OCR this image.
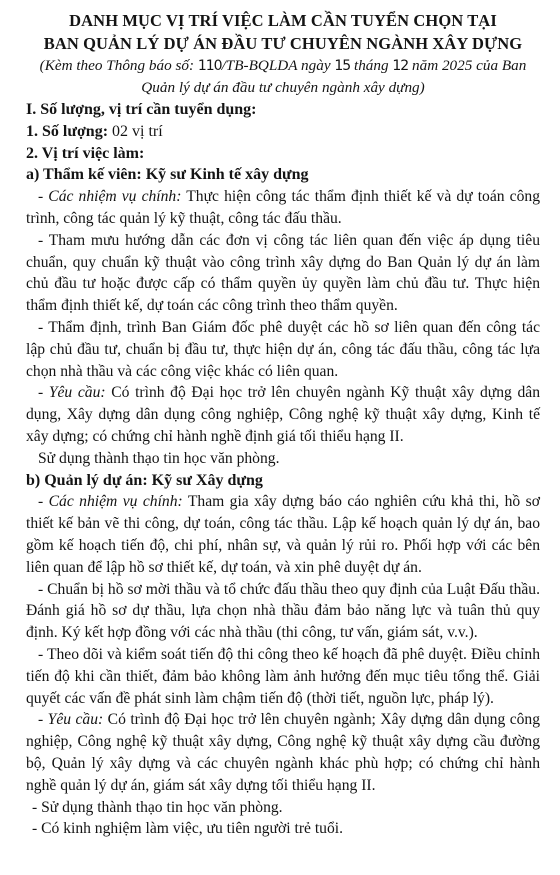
DANH MỤC VỊ TRÍ VIỆC LÀM CẦN TUYỂN CHỌN TẠI
BAN QUẢN LÝ DỰ ÁN ĐẦU TƯ CHUYÊN NGÀNH XÂY DỰNG
(Kèm theo Thông báo số: 110/TB-BQLDA ngày 15 tháng 12 năm 2025 của Ban
Quản lý dự án đầu tư chuyên ngành xây dựng)
I. Số lượng, vị trí cần tuyển dụng:
1. Số lượng: 02 vị trí
2. Vị trí việc làm:
a) Thẩm kế viên: Kỹ sư Kinh tế xây dựng
- Các nhiệm vụ chính: Thực hiện công tác thẩm định thiết kế và dự toán công trình, công tác quản lý kỹ thuật, công tác đấu thầu.
- Tham mưu hướng dẫn các đơn vị công tác liên quan đến việc áp dụng tiêu chuẩn, quy chuẩn kỹ thuật vào công trình xây dựng do Ban Quản lý dự án làm chủ đầu tư hoặc được cấp có thẩm quyền ủy quyền làm chủ đầu tư. Thực hiện thẩm định thiết kế, dự toán các công trình theo thẩm quyền.
- Thẩm định, trình Ban Giám đốc phê duyệt các hồ sơ liên quan đến công tác lập chủ đầu tư, chuẩn bị đầu tư, thực hiện dự án, công tác đấu thầu, công tác lựa chọn nhà thầu và các công việc khác có liên quan.
- Yêu cầu: Có trình độ Đại học trở lên chuyên ngành Kỹ thuật xây dựng dân dụng, Xây dựng dân dụng công nghiệp, Công nghệ kỹ thuật xây dựng, Kinh tế xây dựng; có chứng chỉ hành nghề định giá tối thiểu hạng II.
Sử dụng thành thạo tin học văn phòng.
b) Quản lý dự án: Kỹ sư Xây dựng
- Các nhiệm vụ chính: Tham gia xây dựng báo cáo nghiên cứu khả thi, hồ sơ thiết kế bản vẽ thi công, dự toán, công tác thầu. Lập kế hoạch quản lý dự án, bao gồm kế hoạch tiến độ, chi phí, nhân sự, và quản lý rủi ro. Phối hợp với các bên liên quan để lập hồ sơ thiết kế, dự toán, và xin phê duyệt dự án.
- Chuẩn bị hồ sơ mời thầu và tổ chức đấu thầu theo quy định của Luật Đấu thầu. Đánh giá hồ sơ dự thầu, lựa chọn nhà thầu đảm bảo năng lực và tuân thủ quy định. Ký kết hợp đồng với các nhà thầu (thi công, tư vấn, giám sát, v.v.).
- Theo dõi và kiểm soát tiến độ thi công theo kế hoạch đã phê duyệt. Điều chỉnh tiến độ khi cần thiết, đảm bảo không làm ảnh hưởng đến mục tiêu tổng thể. Giải quyết các vấn đề phát sinh làm chậm tiến độ (thời tiết, nguồn lực, pháp lý).
- Yêu cầu: Có trình độ Đại học trở lên chuyên ngành; Xây dựng dân dụng công nghiệp, Công nghệ kỹ thuật xây dựng, Công nghệ kỹ thuật xây dựng cầu đường bộ, Quản lý xây dựng và các chuyên ngành khác phù hợp; có chứng chỉ hành nghề quản lý dự án, giám sát xây dựng tối thiểu hạng II.
- Sử dụng thành thạo tin học văn phòng.
- Có kinh nghiệm làm việc, ưu tiên người trẻ tuổi.
